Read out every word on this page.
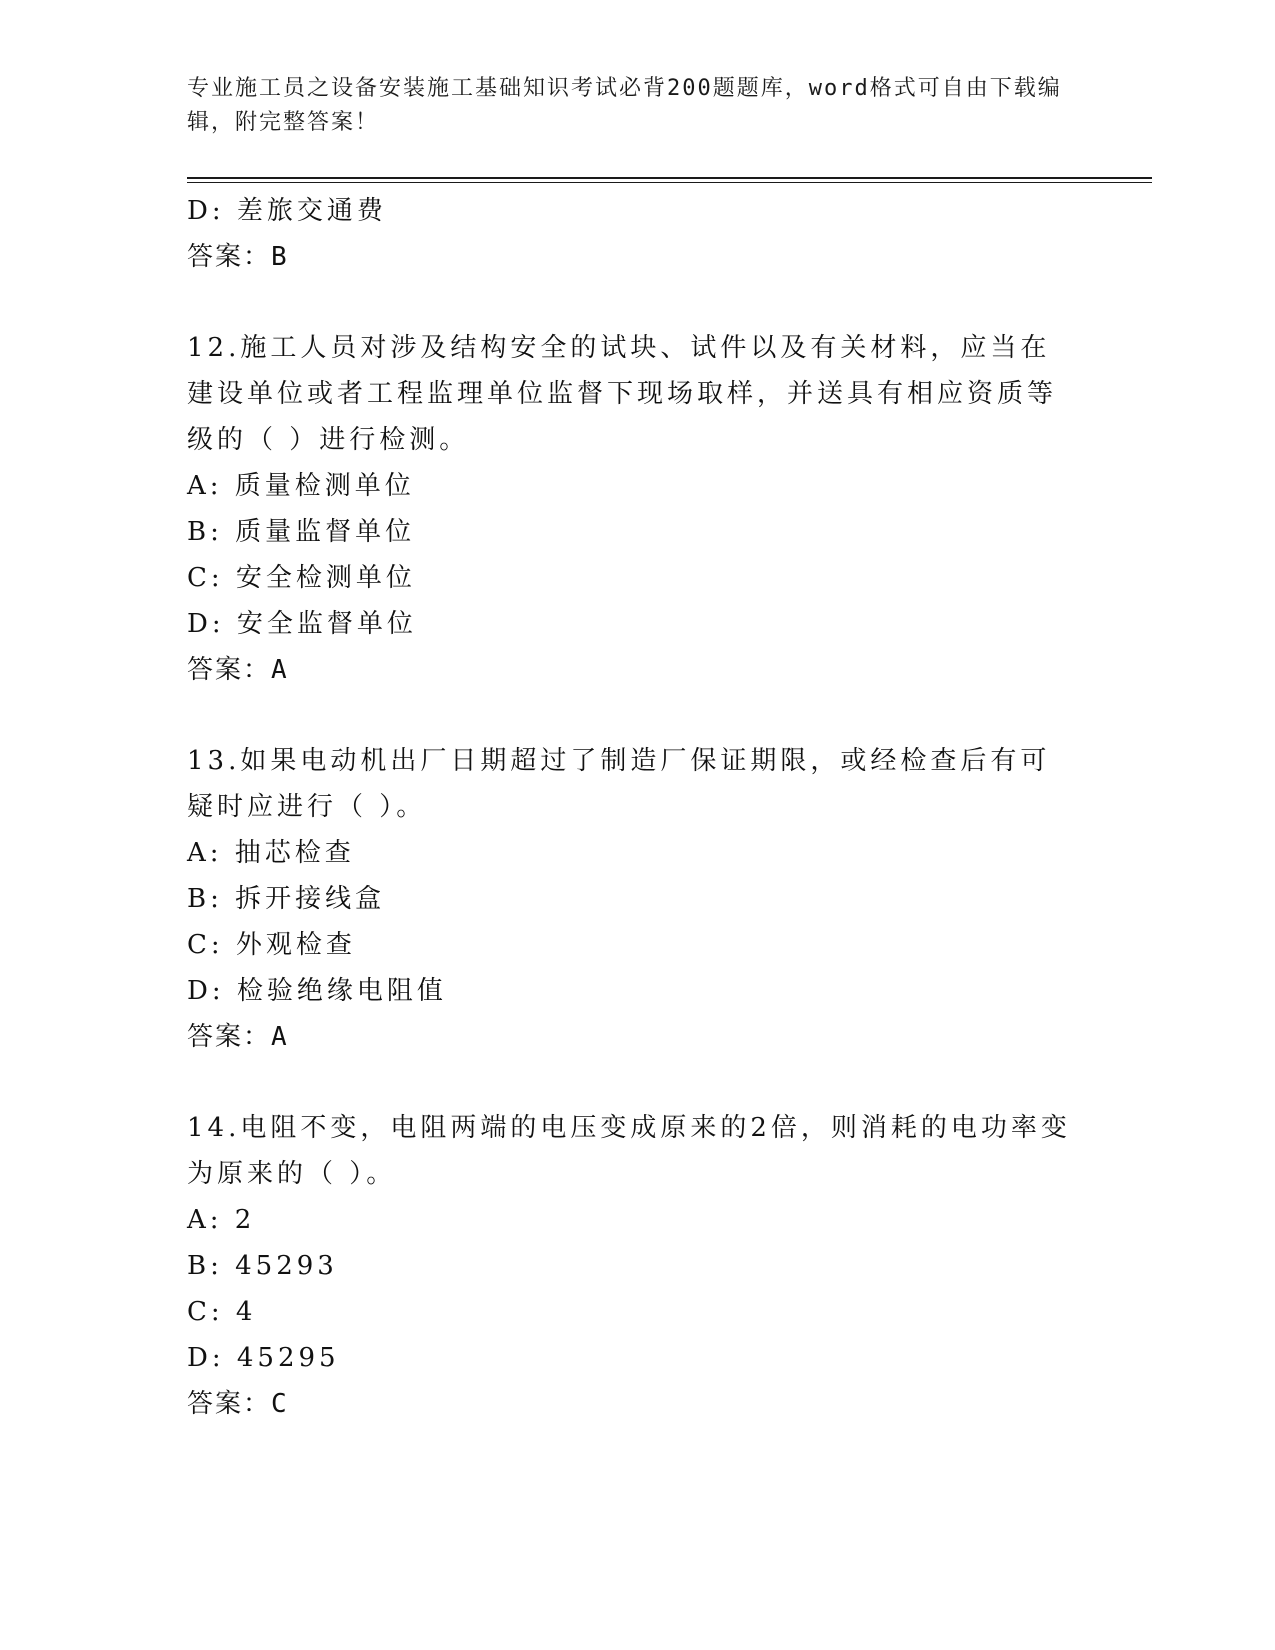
专业施工员之设备安装施工基础知识考试必背200题题库，word格式可自由下载编辑，附完整答案！
D: 差旅交通费
答案：B
12.施工人员对涉及结构安全的试块、试件以及有关材料，应当在建设单位或者工程监理单位监督下现场取样，并送具有相应资质等级的（ ）进行检测。
A: 质量检测单位
B: 质量监督单位
C: 安全检测单位
D: 安全监督单位
答案：A
13.如果电动机出厂日期超过了制造厂保证期限，或经检查后有可疑时应进行（ ）。
A: 抽芯检查
B: 拆开接线盒
C: 外观检查
D: 检验绝缘电阻值
答案：A
14.电阻不变，电阻两端的电压变成原来的2倍，则消耗的电功率变为原来的（ ）。
A: 2
B: 45293
C: 4
D: 45295
答案：C
